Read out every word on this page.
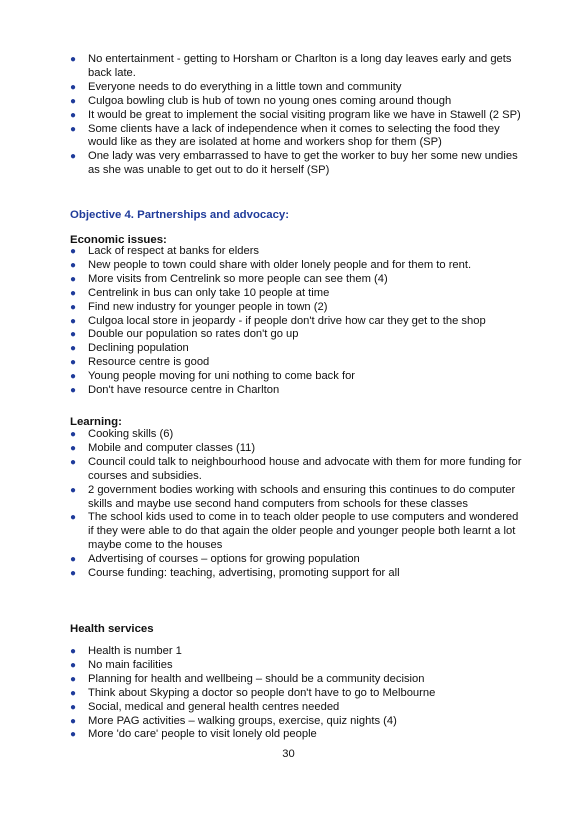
● No entertainment - getting to Horsham or Charlton is a long day leaves early and gets back late.
● Everyone needs to do everything in a little town and community
● Culgoa bowling club is hub of town no young ones coming around though
● It would be great to implement the social visiting program like we have in Stawell (2 SP)
● Some clients have a lack of independence when it comes to selecting the food they would like as they are isolated at home and workers shop for them (SP)
● One lady was very embarrassed to have to get the worker to buy her some new undies as she was unable to get out to do it herself (SP)
Objective 4. Partnerships and advocacy:
Economic issues:
● Lack of respect at banks for elders
● New people to town could share with older lonely people and for them to rent.
● More visits from Centrelink so more people can see them (4)
● Centrelink in bus can only take 10 people at time
● Find new industry for younger people in town (2)
● Culgoa local store in jeopardy - if people don't drive how car they get to the shop
● Double our population so rates don't go up
● Declining population
● Resource centre is good
● Young people moving for uni nothing to come back for
● Don't have resource centre in Charlton
Learning:
● Cooking skills (6)
● Mobile and computer classes (11)
● Council could talk to neighbourhood house and advocate with them for more funding for courses and subsidies.
● 2 government bodies working with schools and ensuring this continues to do computer skills and maybe use second hand computers from schools for these classes
● The school kids used to come in to teach older people to use computers and wondered if they were able to do that again the older people and younger people both learnt a lot maybe come to the houses
● Advertising of courses – options for growing population
● Course funding: teaching, advertising, promoting support for all
Health services
● Health is number 1
● No main facilities
● Planning for health and wellbeing – should be a community decision
● Think about Skyping a doctor so people don't have to go to Melbourne
● Social, medical and general health centres needed
● More PAG activities – walking groups, exercise, quiz nights (4)
● More 'do care' people to visit lonely old people
30
